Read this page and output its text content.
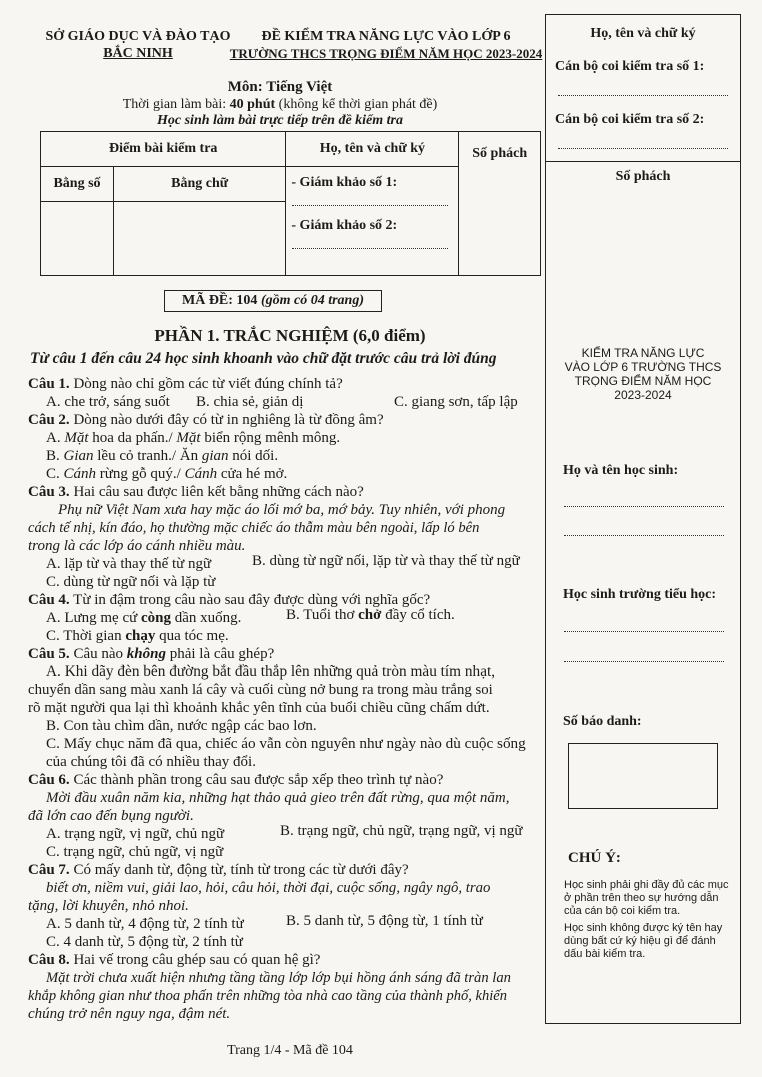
SỞ GIÁO DỤC VÀ ĐÀO TẠO
BẮC NINH
ĐỀ KIỂM TRA NĂNG LỰC VÀO LỚP 6
TRƯỜNG THCS TRỌNG ĐIỂM NĂM HỌC 2023-2024
Môn: Tiếng Việt
Thời gian làm bài: 40 phút (không kể thời gian phát đề)
Học sinh làm bài trực tiếp trên đề kiểm tra
Điểm bài kiểm tra		Họ, tên và chữ ký	Số phách
Bằng số	Bằng chữ	- Giám khảo số 1:
- Giám khảo số 2:	

MÃ ĐỀ: 104 (gồm có 04 trang)
PHẦN 1. TRẮC NGHIỆM (6,0 điểm)
Từ câu 1 đến câu 24 học sinh khoanh vào chữ đặt trước câu trả lời đúng
Câu 1. Dòng nào chỉ gồm các từ viết đúng chính tả?
A. che trở, sáng suốt B. chia sẻ, giản dị	C. giang sơn, tấp lập
Câu 2. Dòng nào dưới đây có từ in nghiêng là từ đồng âm?
A. Mặt hoa da phấn./ Mặt biển rộng mênh mông.
B. Gian lều cỏ tranh./ Ăn gian nói dối.
C. Cánh rừng gỗ quý./ Cánh cửa hé mở.
Câu 3. Hai câu sau được liên kết bằng những cách nào?
Phụ nữ Việt Nam xưa hay mặc áo lối mớ ba, mớ bảy. Tuy nhiên, với phong
cách tế nhị, kín đáo, họ thường mặc chiếc áo thẫm màu bên ngoài, lấp ló bên
trong là các lớp áo cánh nhiều màu.
A. lặp từ và thay thế từ ngữ	B. dùng từ ngữ nối, lặp từ và thay thế từ ngữ
C. dùng từ ngữ nối và lặp từ
Câu 4. Từ in đậm trong câu nào sau đây được dùng với nghĩa gốc?
A. Lưng mẹ cứ còng dần xuống.	B. Tuổi thơ chở đầy cổ tích.
C. Thời gian chạy qua tóc mẹ.
Câu 5. Câu nào không phải là câu ghép?
A. Khi dãy đèn bên đường bắt đầu thắp lên những quả tròn màu tím nhạt,
chuyển dần sang màu xanh lá cây và cuối cùng nở bung ra trong màu trắng soi
rõ mặt người qua lại thì khoảnh khắc yên tĩnh của buổi chiều cũng chấm dứt.
B. Con tàu chìm dần, nước ngập các bao lơn.
C. Mấy chục năm đã qua, chiếc áo vẫn còn nguyên như ngày nào dù cuộc sống
của chúng tôi đã có nhiều thay đổi.
Câu 6. Các thành phần trong câu sau được sắp xếp theo trình tự nào?
Mời đầu xuân năm kia, những hạt thảo quả gieo trên đất rừng, qua một năm,
đã lớn cao đến bụng người.
A. trạng ngữ, vị ngữ, chủ ngữ	B. trạng ngữ, chủ ngữ, trạng ngữ, vị ngữ
C. trạng ngữ, chủ ngữ, vị ngữ
Câu 7. Có mấy danh từ, động từ, tính từ trong các từ dưới đây?
biết ơn, niềm vui, giải lao, hỏi, câu hỏi, thời đại, cuộc sống, ngây ngô, trao
tặng, lời khuyên, nhỏ nhoi.
A. 5 danh từ, 4 động từ, 2 tính từ	B. 5 danh từ, 5 động từ, 1 tính từ
C. 4 danh từ, 5 động từ, 2 tính từ
Câu 8. Hai vế trong câu ghép sau có quan hệ gì?
Mặt trời chưa xuất hiện nhưng tầng tầng lớp lớp bụi hồng ánh sáng đã tràn lan
khắp không gian như thoa phấn trên những tòa nhà cao tầng của thành phố, khiến
chúng trở nên nguy nga, đậm nét.
Trang 1/4 - Mã đề 104
Họ, tên và chữ ký
Cán bộ coi kiểm tra số 1:
Cán bộ coi kiểm tra số 2:
Số phách
KIỂM TRA NĂNG LỰC
VÀO LỚP 6 TRƯỜNG THCS
TRỌNG ĐIỂM NĂM HỌC
2023-2024
Họ và tên học sinh:
Học sinh trường tiểu học:
Số báo danh:
CHÚ Ý:
Học sinh phải ghi đầy đủ các mục ở phần trên theo sự hướng dẫn của cán bộ coi kiểm tra.
Học sinh không được ký tên hay dùng bất cứ ký hiệu gì để đánh dấu bài kiểm tra.
